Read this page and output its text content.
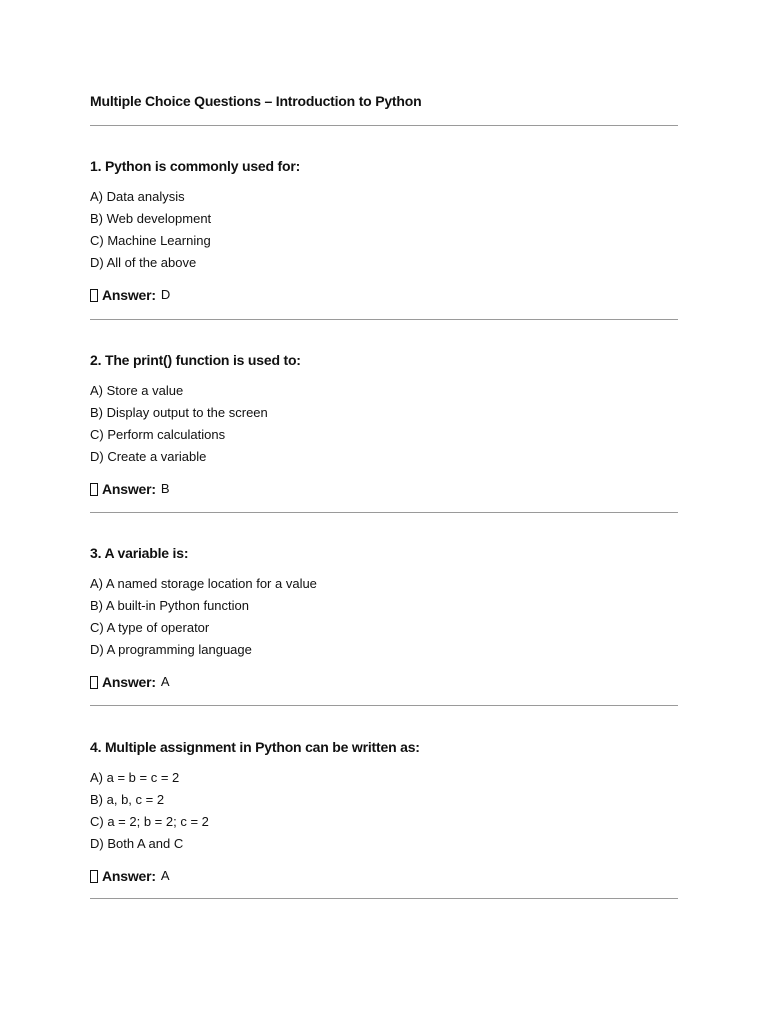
Multiple Choice Questions – Introduction to Python
1. Python is commonly used for:
A) Data analysis
B) Web development
C) Machine Learning
D) All of the above
Answer: D
2. The print() function is used to:
A) Store a value
B) Display output to the screen
C) Perform calculations
D) Create a variable
Answer: B
3. A variable is:
A) A named storage location for a value
B) A built-in Python function
C) A type of operator
D) A programming language
Answer: A
4. Multiple assignment in Python can be written as:
A) a = b = c = 2
B) a, b, c = 2
C) a = 2; b = 2; c = 2
D) Both A and C
Answer: A
